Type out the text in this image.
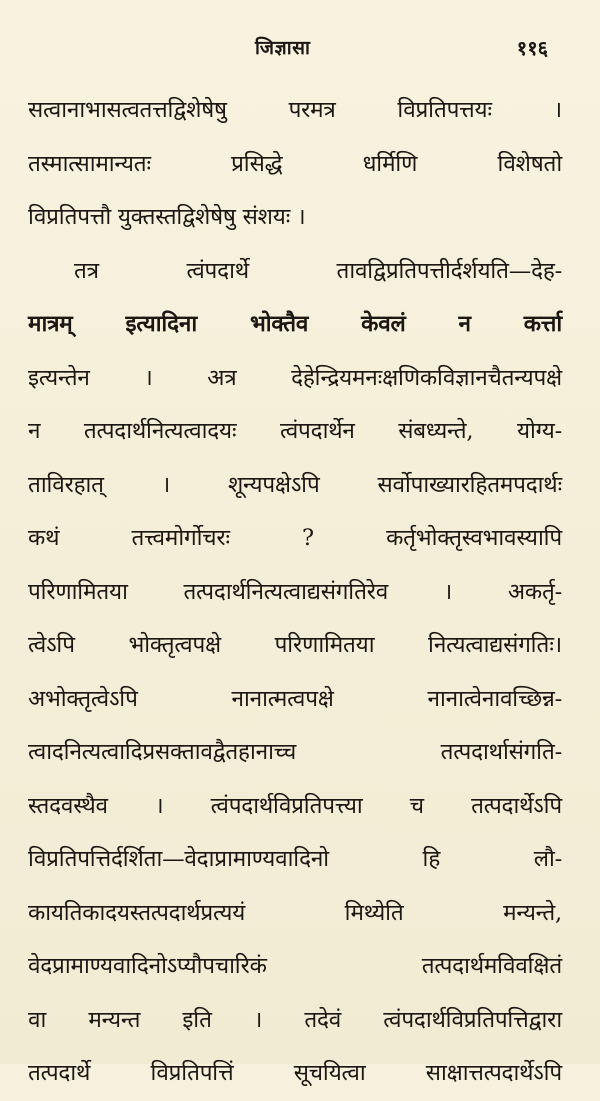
जिज्ञासा	११६
सत्वानाभासत्वतत्तद्विशेषेषु परमत्र विप्रतिपत्तयः ।
तस्मात्सामान्यतः प्रसिद्धे धर्मिणि विशेषतो
विप्रतिपत्तौ युक्तस्तद्विशेषेषु संशयः ।
तत्र त्वंपदार्थे तावद्विप्रतिपत्तीर्दर्शयति—देह-
मात्रम् इत्यादिना भोक्तैव केवलं न कर्त्ता
इत्यन्तेन । अत्र देहेन्द्रियमनःक्षणिकविज्ञानचैतन्यपक्षे
न तत्पदार्थनित्यत्वादयः त्वंपदार्थेन संबध्यन्ते, योग्य-
ताविरहात् । शून्यपक्षेऽपि सर्वोपाख्यारहितमपदार्थः
कथं तत्त्वमोर्गोचरः ? कर्तृभोक्तृस्वभावस्यापि
परिणामितया तत्पदार्थनित्यत्वाद्यसंगतिरेव । अकर्तृ-
त्वेऽपि भोक्तृत्वपक्षे परिणामितया नित्यत्वाद्यसंगतिः।
अभोक्तृत्वेऽपि नानात्मत्वपक्षे नानात्वेनावच्छिन्न-
त्वादनित्यत्वादिप्रसक्तावद्वैतहानाच्च तत्पदार्थासंगति-
स्तदवस्थैव । त्वंपदार्थविप्रतिपत्त्या च तत्पदार्थेऽपि
विप्रतिपत्तिर्दर्शिता—वेदाप्रामाण्यवादिनो हि लौ-
कायतिकादयस्तत्पदार्थप्रत्ययं मिथ्येति मन्यन्ते,
वेदप्रामाण्यवादिनोऽप्यौपचारिकं तत्पदार्थमविवक्षितं
वा मन्यन्त इति । तदेवं त्वंपदार्थविप्रतिपत्तिद्वारा
तत्पदार्थे विप्रतिपत्तिं सूचयित्वा साक्षात्तत्पदार्थेऽपि
